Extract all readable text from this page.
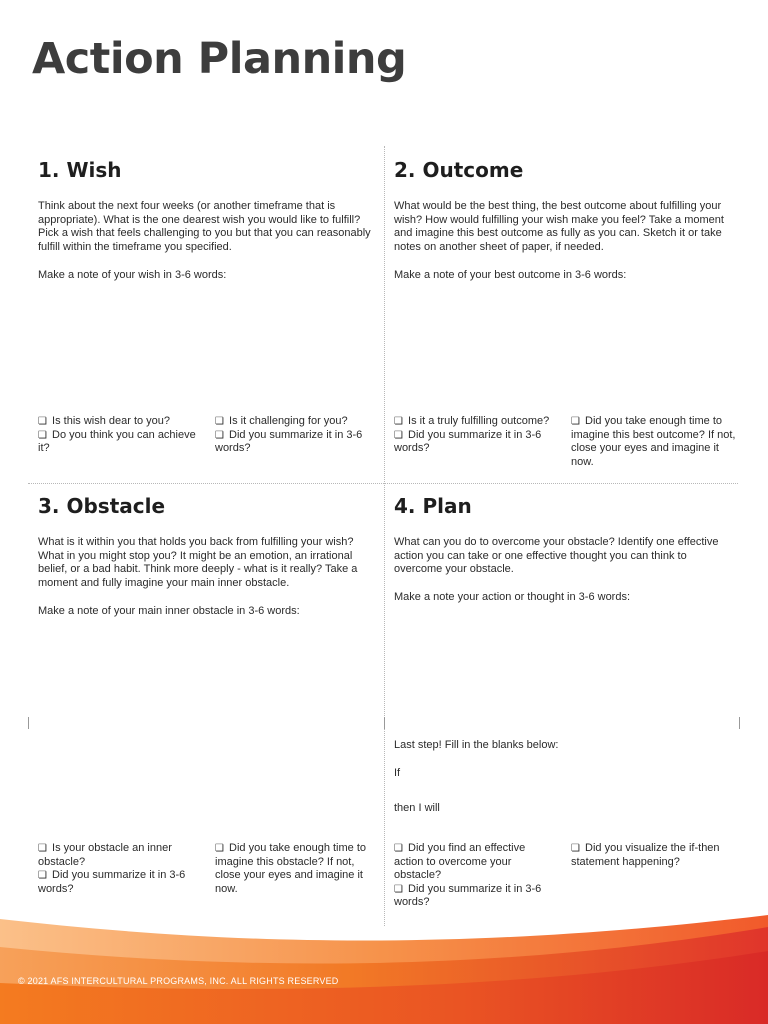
Action Planning
1. Wish

Think about the next four weeks (or another timeframe that is appropriate). What is the one dearest wish you would like to fulfill? Pick a wish that feels challenging to you but that you can reasonably fulfill within the timeframe you specified.

Make a note of your wish in 3-6 words:

❏ Is this wish dear to you?
❏ Do you think you can achieve it?
❏ Is it challenging for you?
❏ Did you summarize it in 3-6 words?
2. Outcome

What would be the best thing, the best outcome about fulfilling your wish? How would fulfilling your wish make you feel? Take a moment and imagine this best outcome as fully as you can. Sketch it or take notes on another sheet of paper, if needed.

Make a note of your best outcome in 3-6 words:

❏ Is it a truly fulfilling outcome?
❏ Did you summarize it in 3-6 words?
❏ Did you take enough time to imagine this best outcome? If not, close your eyes and imagine it now.
3. Obstacle

What is it within you that holds you back from fulfilling your wish? What in you might stop you? It might be an emotion, an irrational belief, or a bad habit. Think more deeply - what is it really? Take a moment and fully imagine your main inner obstacle.

Make a note of your main inner obstacle in 3-6 words:

❏ Is your obstacle an inner obstacle?
❏ Did you summarize it in 3-6 words?
❏ Did you take enough time to imagine this obstacle? If not, close your eyes and imagine it now.
4. Plan

What can you do to overcome your obstacle? Identify one effective action you can take or one effective thought you can think to overcome your obstacle.

Make a note your action or thought in 3-6 words:

Last step! Fill in the blanks below:
If
then I will
❏ Did you find an effective action to overcome your obstacle?
❏ Did you summarize it in 3-6 words?
❏ Did you visualize the if-then statement happening?
© 2021 AFS INTERCULTURAL PROGRAMS, INC. ALL RIGHTS RESERVED
